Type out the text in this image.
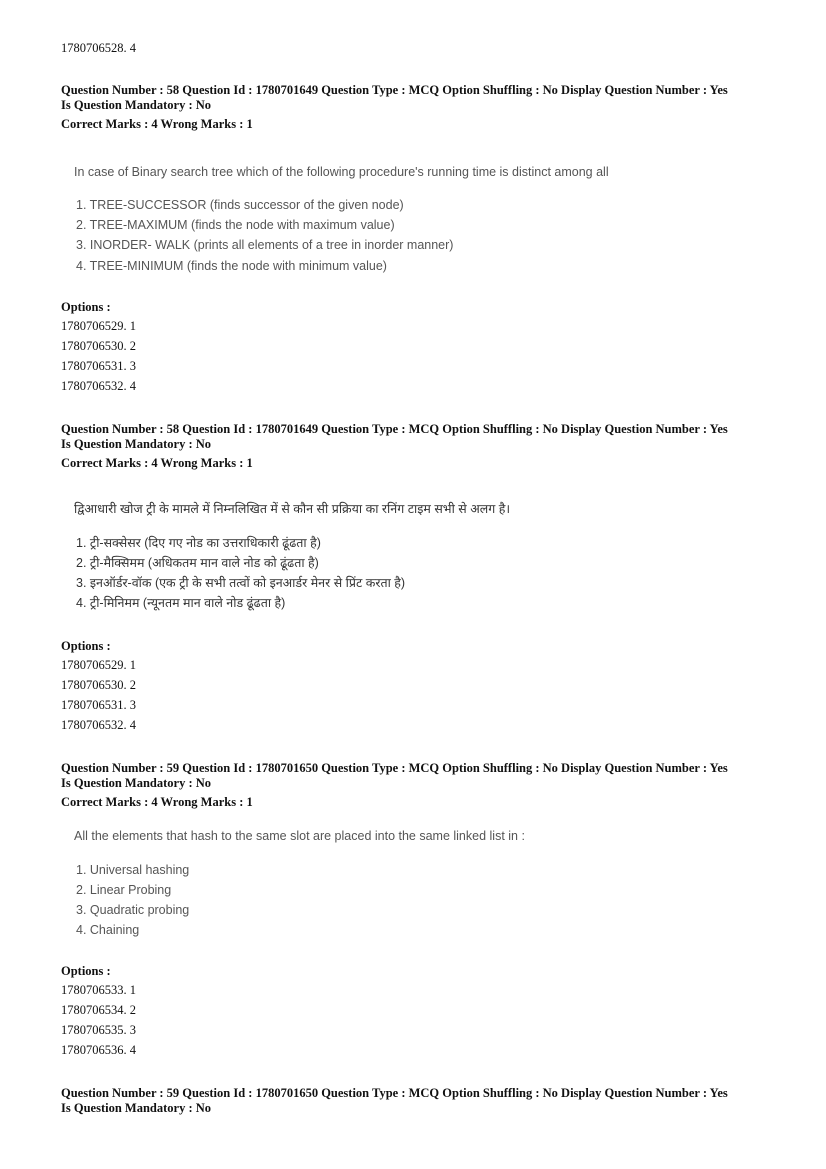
1780706528. 4
Question Number : 58 Question Id : 1780701649 Question Type : MCQ Option Shuffling : No Display Question Number : Yes
Is Question Mandatory : No
Correct Marks : 4 Wrong Marks : 1
In case of Binary search tree which of the following procedure's running time is distinct among all
1. TREE-SUCCESSOR (finds successor of the given node)
2. TREE-MAXIMUM (finds the node with maximum value)
3. INORDER- WALK (prints all elements of a tree in inorder manner)
4. TREE-MINIMUM (finds the node with minimum value)
Options :
1780706529. 1
1780706530. 2
1780706531. 3
1780706532. 4
Question Number : 58 Question Id : 1780701649 Question Type : MCQ Option Shuffling : No Display Question Number : Yes
Is Question Mandatory : No
Correct Marks : 4 Wrong Marks : 1
द्विआधारी खोज ट्री के मामले में निम्नलिखित में से कौन सी प्रक्रिया का रनिंग टाइम सभी से अलग है।
1. ट्री-सक्सेसर (दिए गए नोड का उत्तराधिकारी ढूंढता है)
2. ट्री-मैक्सिमम (अधिकतम मान वाले नोड को ढूंढता है)
3. इनऑर्डर-वॉक (एक ट्री के सभी तत्वों को इनआर्डर मेनर से प्रिंट करता है)
4. ट्री-मिनिमम (न्यूनतम मान वाले नोड ढूंढता है)
Options :
1780706529. 1
1780706530. 2
1780706531. 3
1780706532. 4
Question Number : 59 Question Id : 1780701650 Question Type : MCQ Option Shuffling : No Display Question Number : Yes
Is Question Mandatory : No
Correct Marks : 4 Wrong Marks : 1
All the elements that hash to the same slot are placed into the same linked list in :
1. Universal hashing
2. Linear Probing
3. Quadratic probing
4. Chaining
Options :
1780706533. 1
1780706534. 2
1780706535. 3
1780706536. 4
Question Number : 59 Question Id : 1780701650 Question Type : MCQ Option Shuffling : No Display Question Number : Yes
Is Question Mandatory : No
